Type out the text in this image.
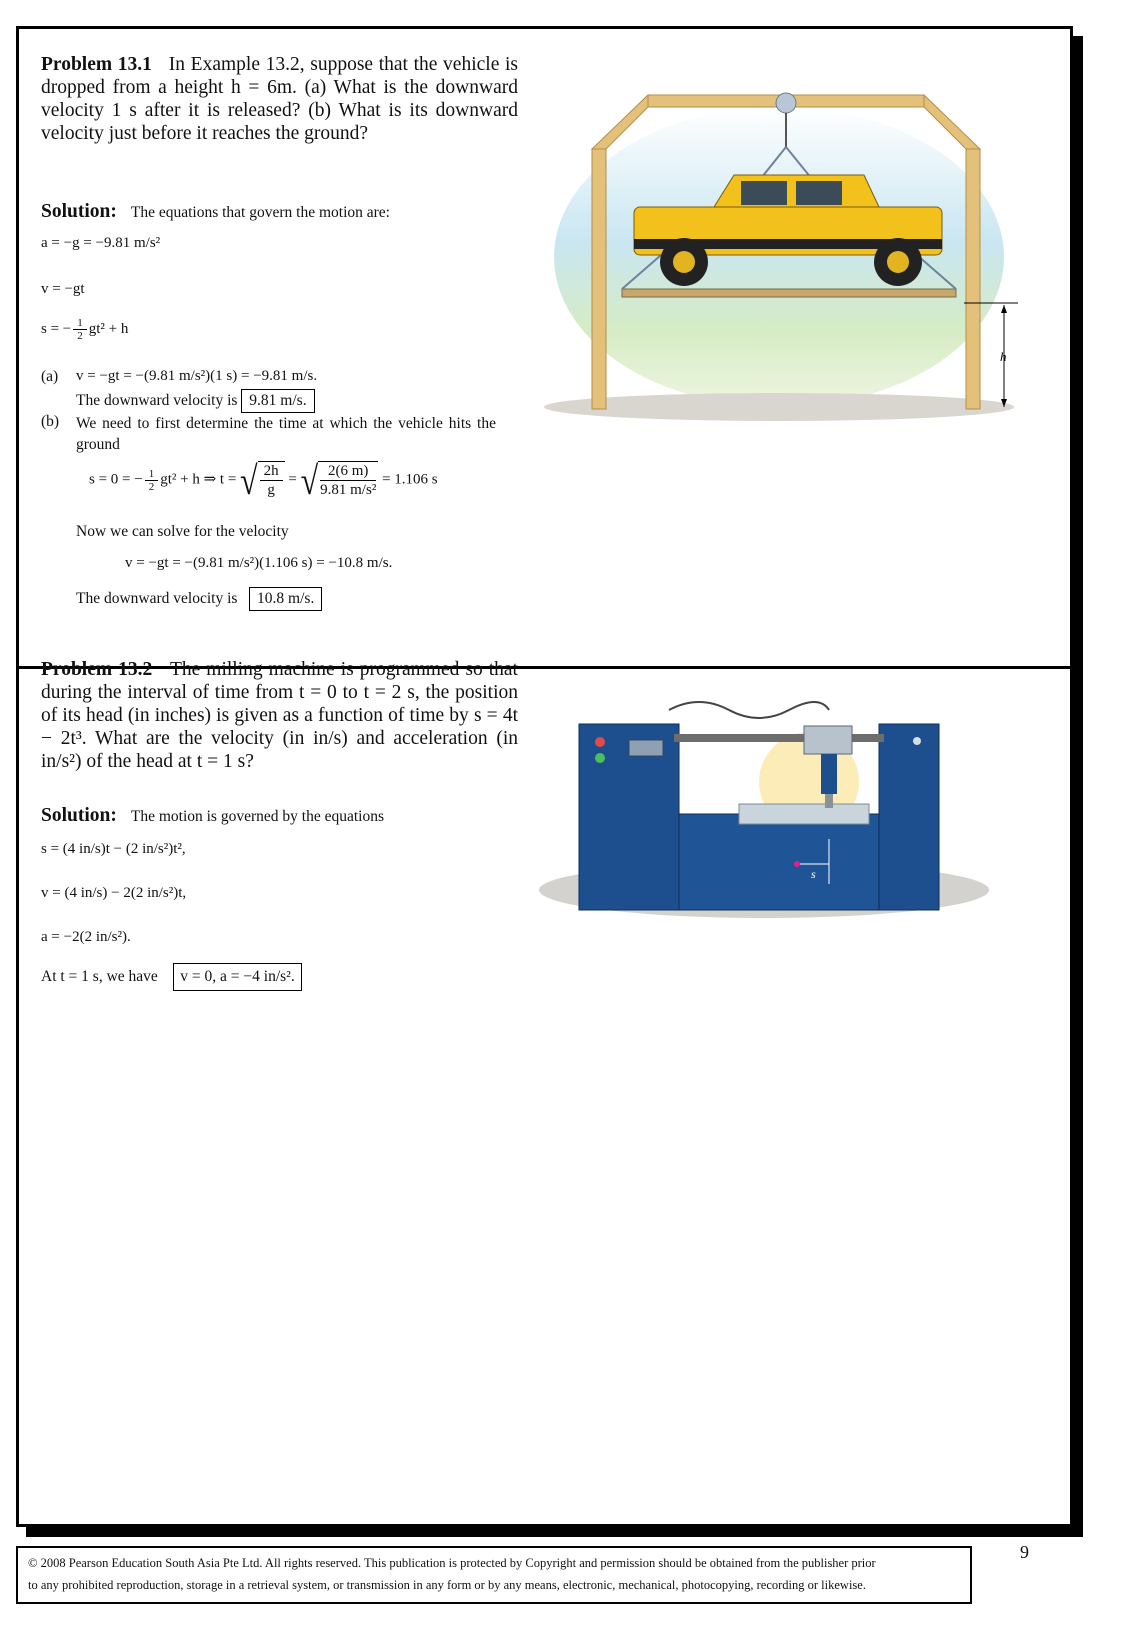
Problem 13.1 In Example 13.2, suppose that the vehicle is dropped from a height h = 6m. (a) What is the downward velocity 1 s after it is released? (b) What is its downward velocity just before it reaches the ground?

Solution: The equations that govern the motion are:
a = −g = −9.81 m/s²
v = −gt
s = − $\frac{1}{2} gt^2 + h$
(a) v = −gt = −(9.81 m/s²)(1 s) = −9.81 m/s.
The downward velocity is 9.81 m/s.
(b) We need to first determine the time at which the vehicle hits the ground
s = 0 = − $\frac{1}{2} gt^2 + h$ ⇒ t = √ $\frac{2h}{g}$ = √ $\frac{2(6 m)}{\text{9.81 m/s²}} = 1.106$ s
Now we can solve for the velocity
v = −gt = −(9.81 m/s²)(1.106 s) = −10.8 m/s.
The downward velocity is 10.8 m/s.
h

Problem 13.2 The milling machine is programmed so that during the interval of time from t = 0 to t = 2 s, the position of its head (in inches) is given as a function of time by s = 4t − 2t³. What are the velocity (in in/s) and acceleration (in in/s²) of the head at t = 1 s?

Solution: The motion is governed by the equations
s = (4 in/s)t − (2 in/s²)t²,
v = (4 in/s) − 2(2 in/s²)t,
a = −2(2 in/s²).
At t = 1 s, we have v = 0, a = −4 in/s².
s
© 2008 Pearson Education South Asia Pte Ltd. All rights reserved. This publication is protected by Copyright and permission should be obtained from the publisher prior
to any prohibited reproduction, storage in a retrieval system, or transmission in any form or by any means, electronic, mechanical, photocopying, recording or likewise.
9
